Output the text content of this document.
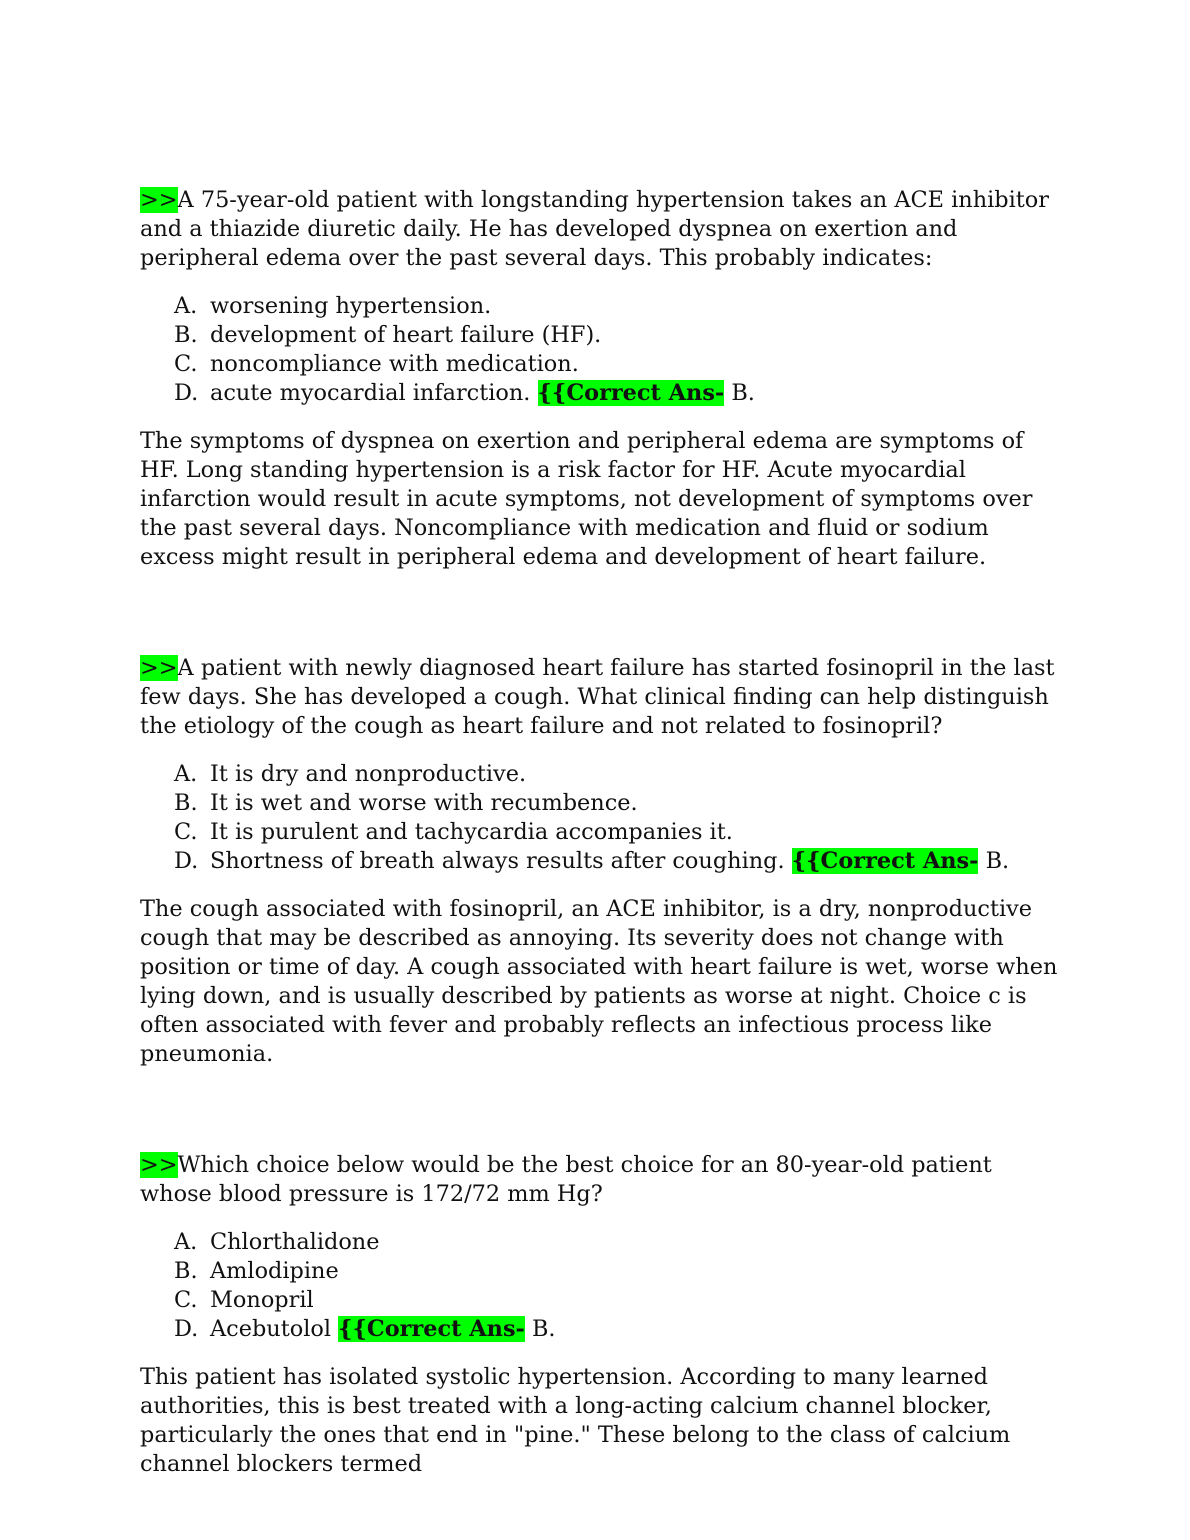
>>A 75-year-old patient with longstanding hypertension takes an ACE inhibitor and a thiazide diuretic daily. He has developed dyspnea on exertion and peripheral edema over the past several days. This probably indicates:

A. worsening hypertension.
B. development of heart failure (HF).
C. noncompliance with medication.
D. acute myocardial infarction. {{Correct Ans- B.

The symptoms of dyspnea on exertion and peripheral edema are symptoms of HF. Long standing hypertension is a risk factor for HF. Acute myocardial infarction would result in acute symptoms, not development of symptoms over the past several days. Noncompliance with medication and fluid or sodium excess might result in peripheral edema and development of heart failure.

>>A patient with newly diagnosed heart failure has started fosinopril in the last few days. She has developed a cough. What clinical finding can help distinguish the etiology of the cough as heart failure and not related to fosinopril?

A. It is dry and nonproductive.
B. It is wet and worse with recumbence.
C. It is purulent and tachycardia accompanies it.
D. Shortness of breath always results after coughing. {{Correct Ans- B.

The cough associated with fosinopril, an ACE inhibitor, is a dry, nonproductive cough that may be described as annoying. Its severity does not change with position or time of day. A cough associated with heart failure is wet, worse when lying down, and is usually described by patients as worse at night. Choice c is often associated with fever and probably reflects an infectious process like pneumonia.

>>Which choice below would be the best choice for an 80-year-old patient whose blood pressure is 172/72 mm Hg?

A. Chlorthalidone
B. Amlodipine
C. Monopril
D. Acebutolol {{Correct Ans- B.

This patient has isolated systolic hypertension. According to many learned authorities, this is best treated with a long-acting calcium channel blocker, particularly the ones that end in "pine." These belong to the class of calcium channel blockers termed
